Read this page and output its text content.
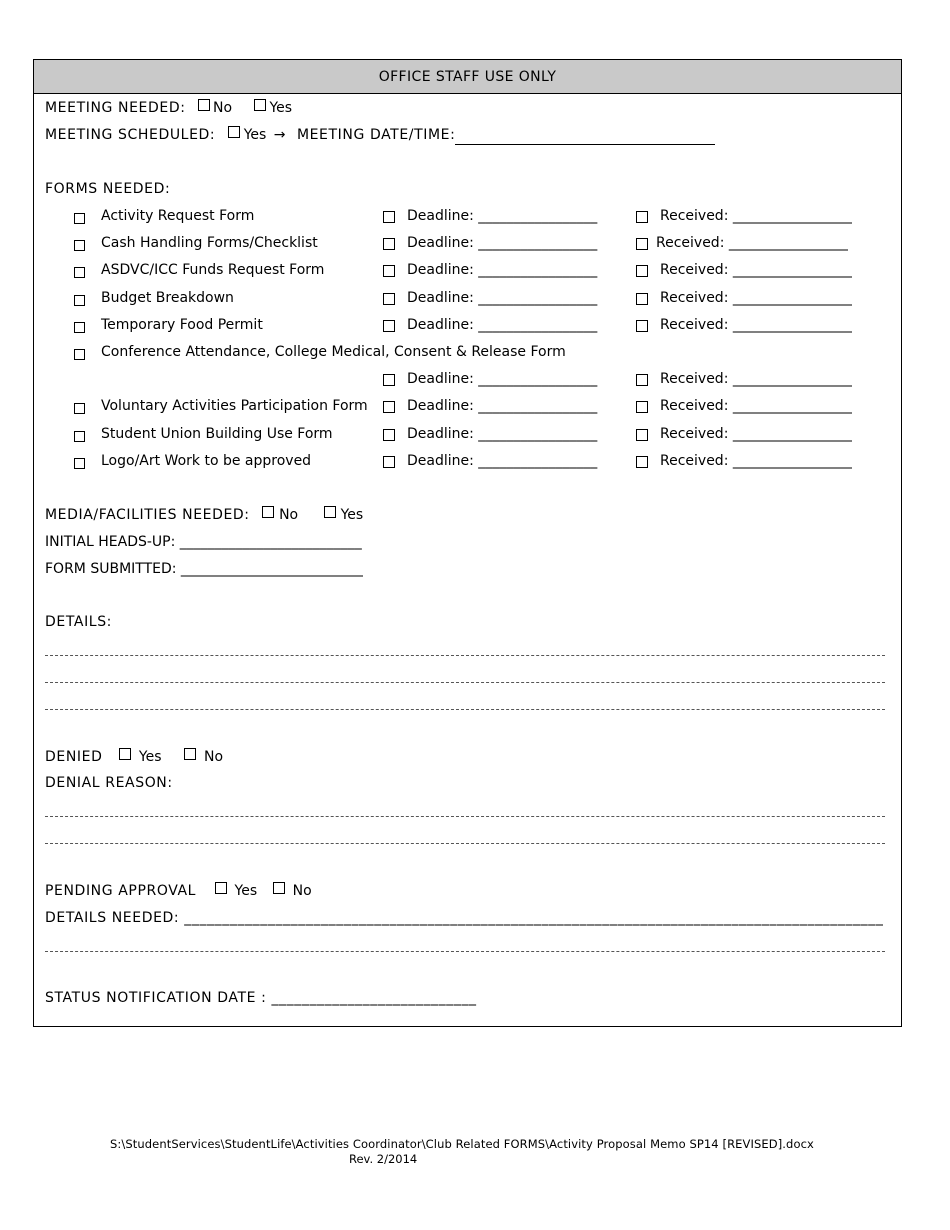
OFFICE STAFF USE ONLY
MEETING NEEDED: No	Yes
MEETING SCHEDULED: Yes → MEETING DATE/TIME:
FORMS NEEDED:
Activity Request Form	Deadline: _________________	Received: _________________
Cash Handling Forms/Checklist	Deadline: _________________	Received: _________________
ASDVC/ICC Funds Request Form	Deadline: _________________	Received: _________________
Budget Breakdown	Deadline: _________________	Received: _________________
Temporary Food Permit	Deadline: _________________	Received: _________________
Conference Attendance, College Medical, Consent & Release Form
Deadline: _________________	Received: _________________
Voluntary Activities Participation Form	Deadline: _________________	Received: _________________
Student Union Building Use Form	Deadline: _________________	Received: _________________
Logo/Art Work to be approved	Deadline: _________________	Received: _________________
MEDIA/FACILITIES NEEDED: No	Yes
INITIAL HEADS-UP: __________________________
FORM SUBMITTED: __________________________
DETAILS:
DENIED	Yes	No
DENIAL REASON:
PENDING APPROVAL	Yes	No
DETAILS NEEDED: ____________________________________________________________________________________________
STATUS NOTIFICATION DATE : ___________________________
S:\StudentServices\StudentLife\Activities Coordinator\Club Related FORMS\Activity Proposal Memo SP14 [REVISED].docx
Rev. 2/2014
